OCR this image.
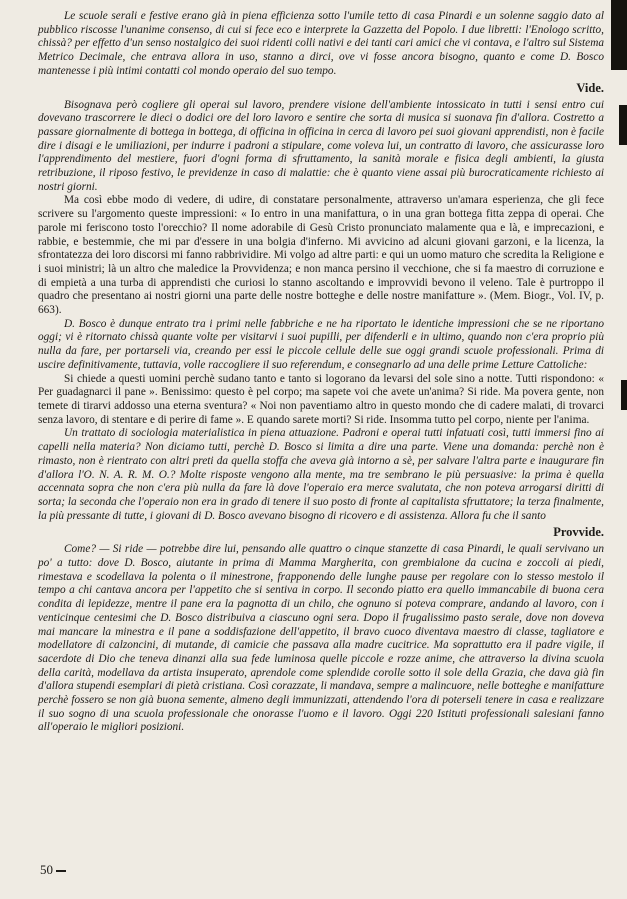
Le scuole serali e festive erano già in piena efficienza sotto l'umile tetto di casa Pinardi e un solenne saggio dato al pubblico riscosse l'unanime consenso, di cui si fece eco e interprete la Gazzetta del Popolo. I due libretti: l'Enologo scritto, chissà? per effetto d'un senso nostalgico dei suoi ridenti colli nativi e dei tanti cari amici che vi contava, e l'altro sul Sistema Metrico Decimale, che entrava allora in uso, stanno a dirci, ove vi fosse ancora bisogno, quanto e come D. Bosco mantenesse i più intimi contatti col mondo operaio del suo tempo.

Vide.

Bisognava però cogliere gli operai sul lavoro, prendere visione dell'ambiente intossicato in tutti i sensi entro cui dovevano trascorrere le dieci o dodici ore del loro lavoro e sentire che sorta di musica si suonava fin d'allora. Costretto a passare giornalmente di bottega in bottega, di officina in officina in cerca di lavoro pei suoi giovani apprendisti, non è facile dire i disagi e le umiliazioni, per indurre i padroni a stipulare, come voleva lui, un contratto di lavoro, che assicurasse loro l'apprendimento del mestiere, fuori d'ogni forma di sfruttamento, la sanità morale e fisica degli ambienti, la giusta retribuzione, il riposo festivo, le previdenze in caso di malattie: che è quanto viene assai più burocraticamente richiesto ai nostri giorni.

Ma così ebbe modo di vedere, di udire, di constatare personalmente, attraverso un'amara esperienza, che gli fece scrivere su l'argomento queste impressioni: « Io entro in una manifattura, o in una gran bottega fitta zeppa di operai. Che parole mi feriscono tosto l'orecchio? Il nome adorabile di Gesù Cristo pronunciato malamente qua e là, e imprecazioni, e rabbie, e bestemmie, che mi par d'essere in una bolgia d'inferno. Mi avvicino ad alcuni giovani garzoni, e la licenza, la sfrontatezza dei loro discorsi mi fanno rabbrividire. Mi volgo ad altre parti: e qui un uomo maturo che scredita la Religione e i suoi ministri; là un altro che maledice la Provvidenza; e non manca persino il vecchione, che si fa maestro di corruzione e di empietà a una turba di apprendisti che curiosi lo stanno ascoltando e improvvidi bevono il veleno. Tale è purtroppo il quadro che presentano ai nostri giorni una parte delle nostre botteghe e delle nostre manifatture ». (Mem. Biogr., Vol. IV, p. 663).

D. Bosco è dunque entrato tra i primi nelle fabbriche e ne ha riportato le identiche impressioni che se ne riportano oggi; vi è ritornato chissà quante volte per visitarvi i suoi pupilli, per difenderli e in ultimo, quando non c'era proprio più nulla da fare, per portarseli via, creando per essi le piccole cellule delle sue oggi grandi scuole professionali. Prima di uscire definitivamente, tuttavia, volle raccogliere il suo referendum, e consegnarlo ad una delle prime Letture Cattoliche:

Si chiede a questi uomini perchè sudano tanto e tanto si logorano da levarsi del sole sino a notte. Tutti rispondono: « Per guadagnarci il pane ». Benissimo: questo è pel corpo; ma sapete voi che avete un'anima? Si ride. Ma povera gente, non temete di tirarvi addosso una eterna sventura? « Noi non paventiamo altro in questo mondo che di cadere malati, di trovarci senza lavoro, di stentare e di perire di fame ». E quando sarete morti? Si ride. Insomma tutto pel corpo, niente per l'anima.

Un trattato di sociologia materialistica in piena attuazione. Padroni e operai tutti infatuati così, tutti immersi fino ai capelli nella materia? Non diciamo tutti, perchè D. Bosco si limita a dire una parte. Viene una domanda: perchè non è rimasto, non è rientrato con altri preti da quella stoffa che aveva già intorno a sè, per salvare l'altra parte e inaugurare fin d'allora l'O. N. A. R. M. O.? Molte risposte vengono alla mente, ma tre sembrano le più persuasive: la prima è quella accennata sopra che non c'era più nulla da fare là dove l'operaio era merce svalutata, che non poteva arrogarsi diritti di sorta; la seconda che l'operaio non era in grado di tenere il suo posto di fronte al capitalista sfruttatore; la terza finalmente, la più pressante di tutte, i giovani di D. Bosco avevano bisogno di ricovero e di assistenza. Allora fu che il santo

Provvide.

Come? — Si ride — potrebbe dire lui, pensando alle quattro o cinque stanzette di casa Pinardi, le quali servivano un po' a tutto: dove D. Bosco, aiutante in prima di Mamma Margherita, con grembialone da cucina e zoccoli ai piedi, rimestava e scodellava la polenta o il minestrone, frapponendo delle lunghe pause per regolare con lo stesso mestolo il tempo a chi cantava ancora per l'appetito che si sentiva in corpo. Il secondo piatto era quello immancabile di buona cera condita di lepidezze, mentre il pane era la pagnotta di un chilo, che ognuno si poteva comprare, andando al lavoro, con i venticinque centesimi che D. Bosco distribuiva a ciascuno ogni sera. Dopo il frugalissimo pasto serale, dove non doveva mai mancare la minestra e il pane a soddisfazione dell'appetito, il bravo cuoco diventava maestro di classe, tagliatore e modellatore di calzoncini, di mutande, di camicie che passava alla madre cucitrice. Ma soprattutto era il padre vigile, il sacerdote di Dio che teneva dinanzi alla sua fede luminosa quelle piccole e rozze anime, che attraverso la divina scuola della carità, modellava da artista insuperato, aprendole come splendide corolle sotto il sole della Grazia, che dava già fin d'allora stupendi esemplari di pietà cristiana. Così corazzate, li mandava, sempre a malincuore, nelle botteghe e manifatture perchè fossero se non già buona semente, almeno degli immunizzati, attendendo l'ora di poterseli tenere in casa e realizzare il suo sogno di una scuola professionale che onorasse l'uomo e il lavoro. Oggi 220 Istituti professionali salesiani fanno all'operaio le migliori posizioni.

50
